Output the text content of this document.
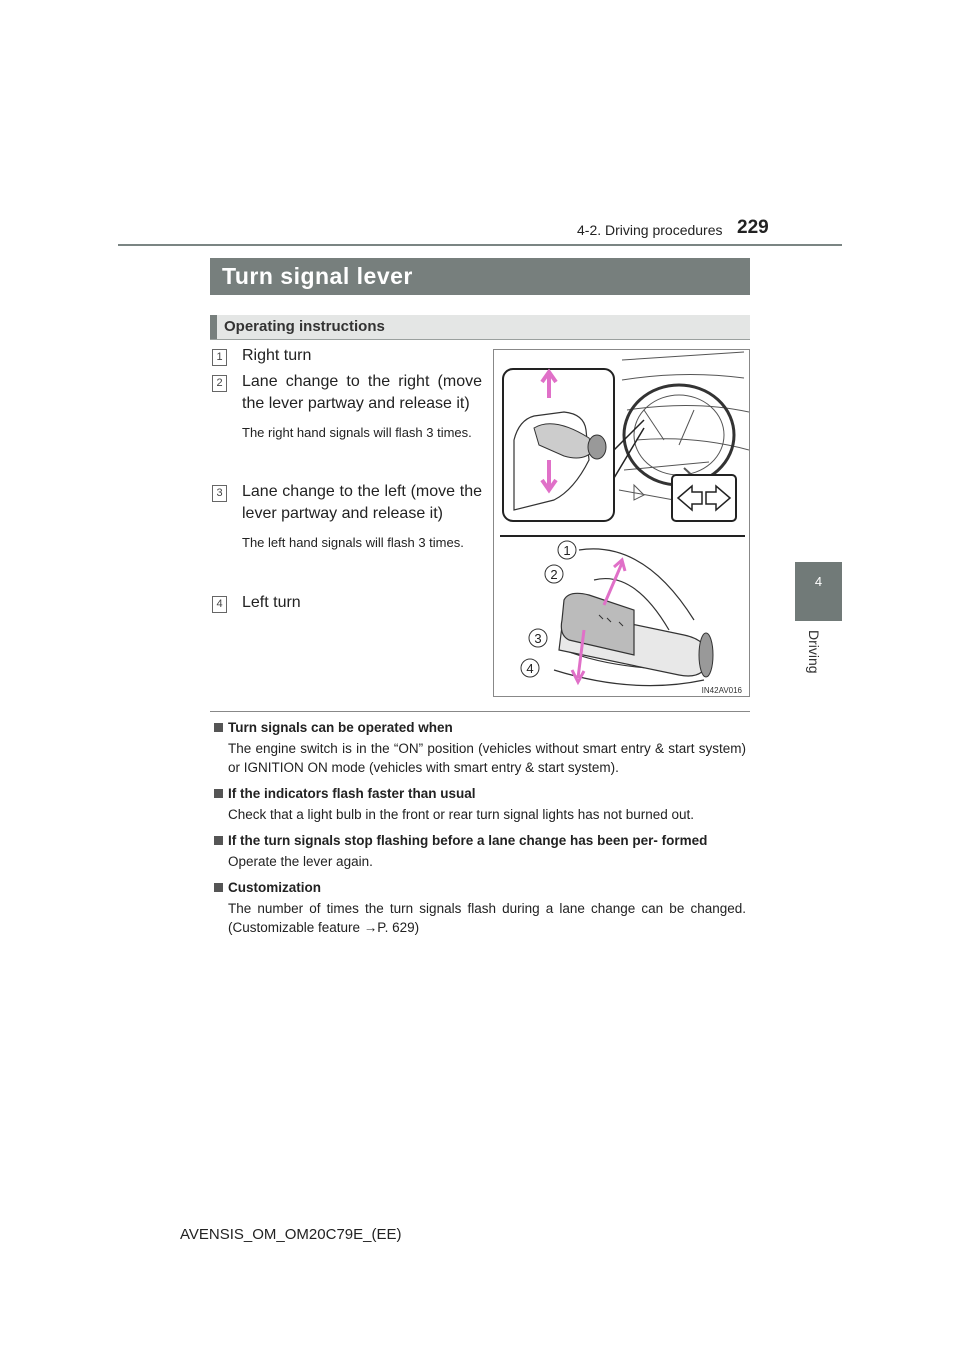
229
4-2. Driving procedures
4
Driving
Turn signal lever
Operating instructions
1 Right turn
2 Lane change to the right (move the lever partway and release it)
The right hand signals will flash 3 times.
3 Lane change to the left (move the lever partway and release it)
The left hand signals will flash 3 times.
4 Left turn
1
2
3
4
IN42AV016
Turn signals can be operated when
The engine switch is in the “ON” position (vehicles without smart entry & start system) or IGNITION ON mode (vehicles with smart entry & start system).
If the indicators flash faster than usual
Check that a light bulb in the front or rear turn signal lights has not burned out.
If the turn signals stop flashing before a lane change has been per- formed
Operate the lever again.
Customization
The number of times the turn signals flash during a lane change can be changed. (Customizable feature →P. 629)
AVENSIS_OM_OM20C79E_(EE)
